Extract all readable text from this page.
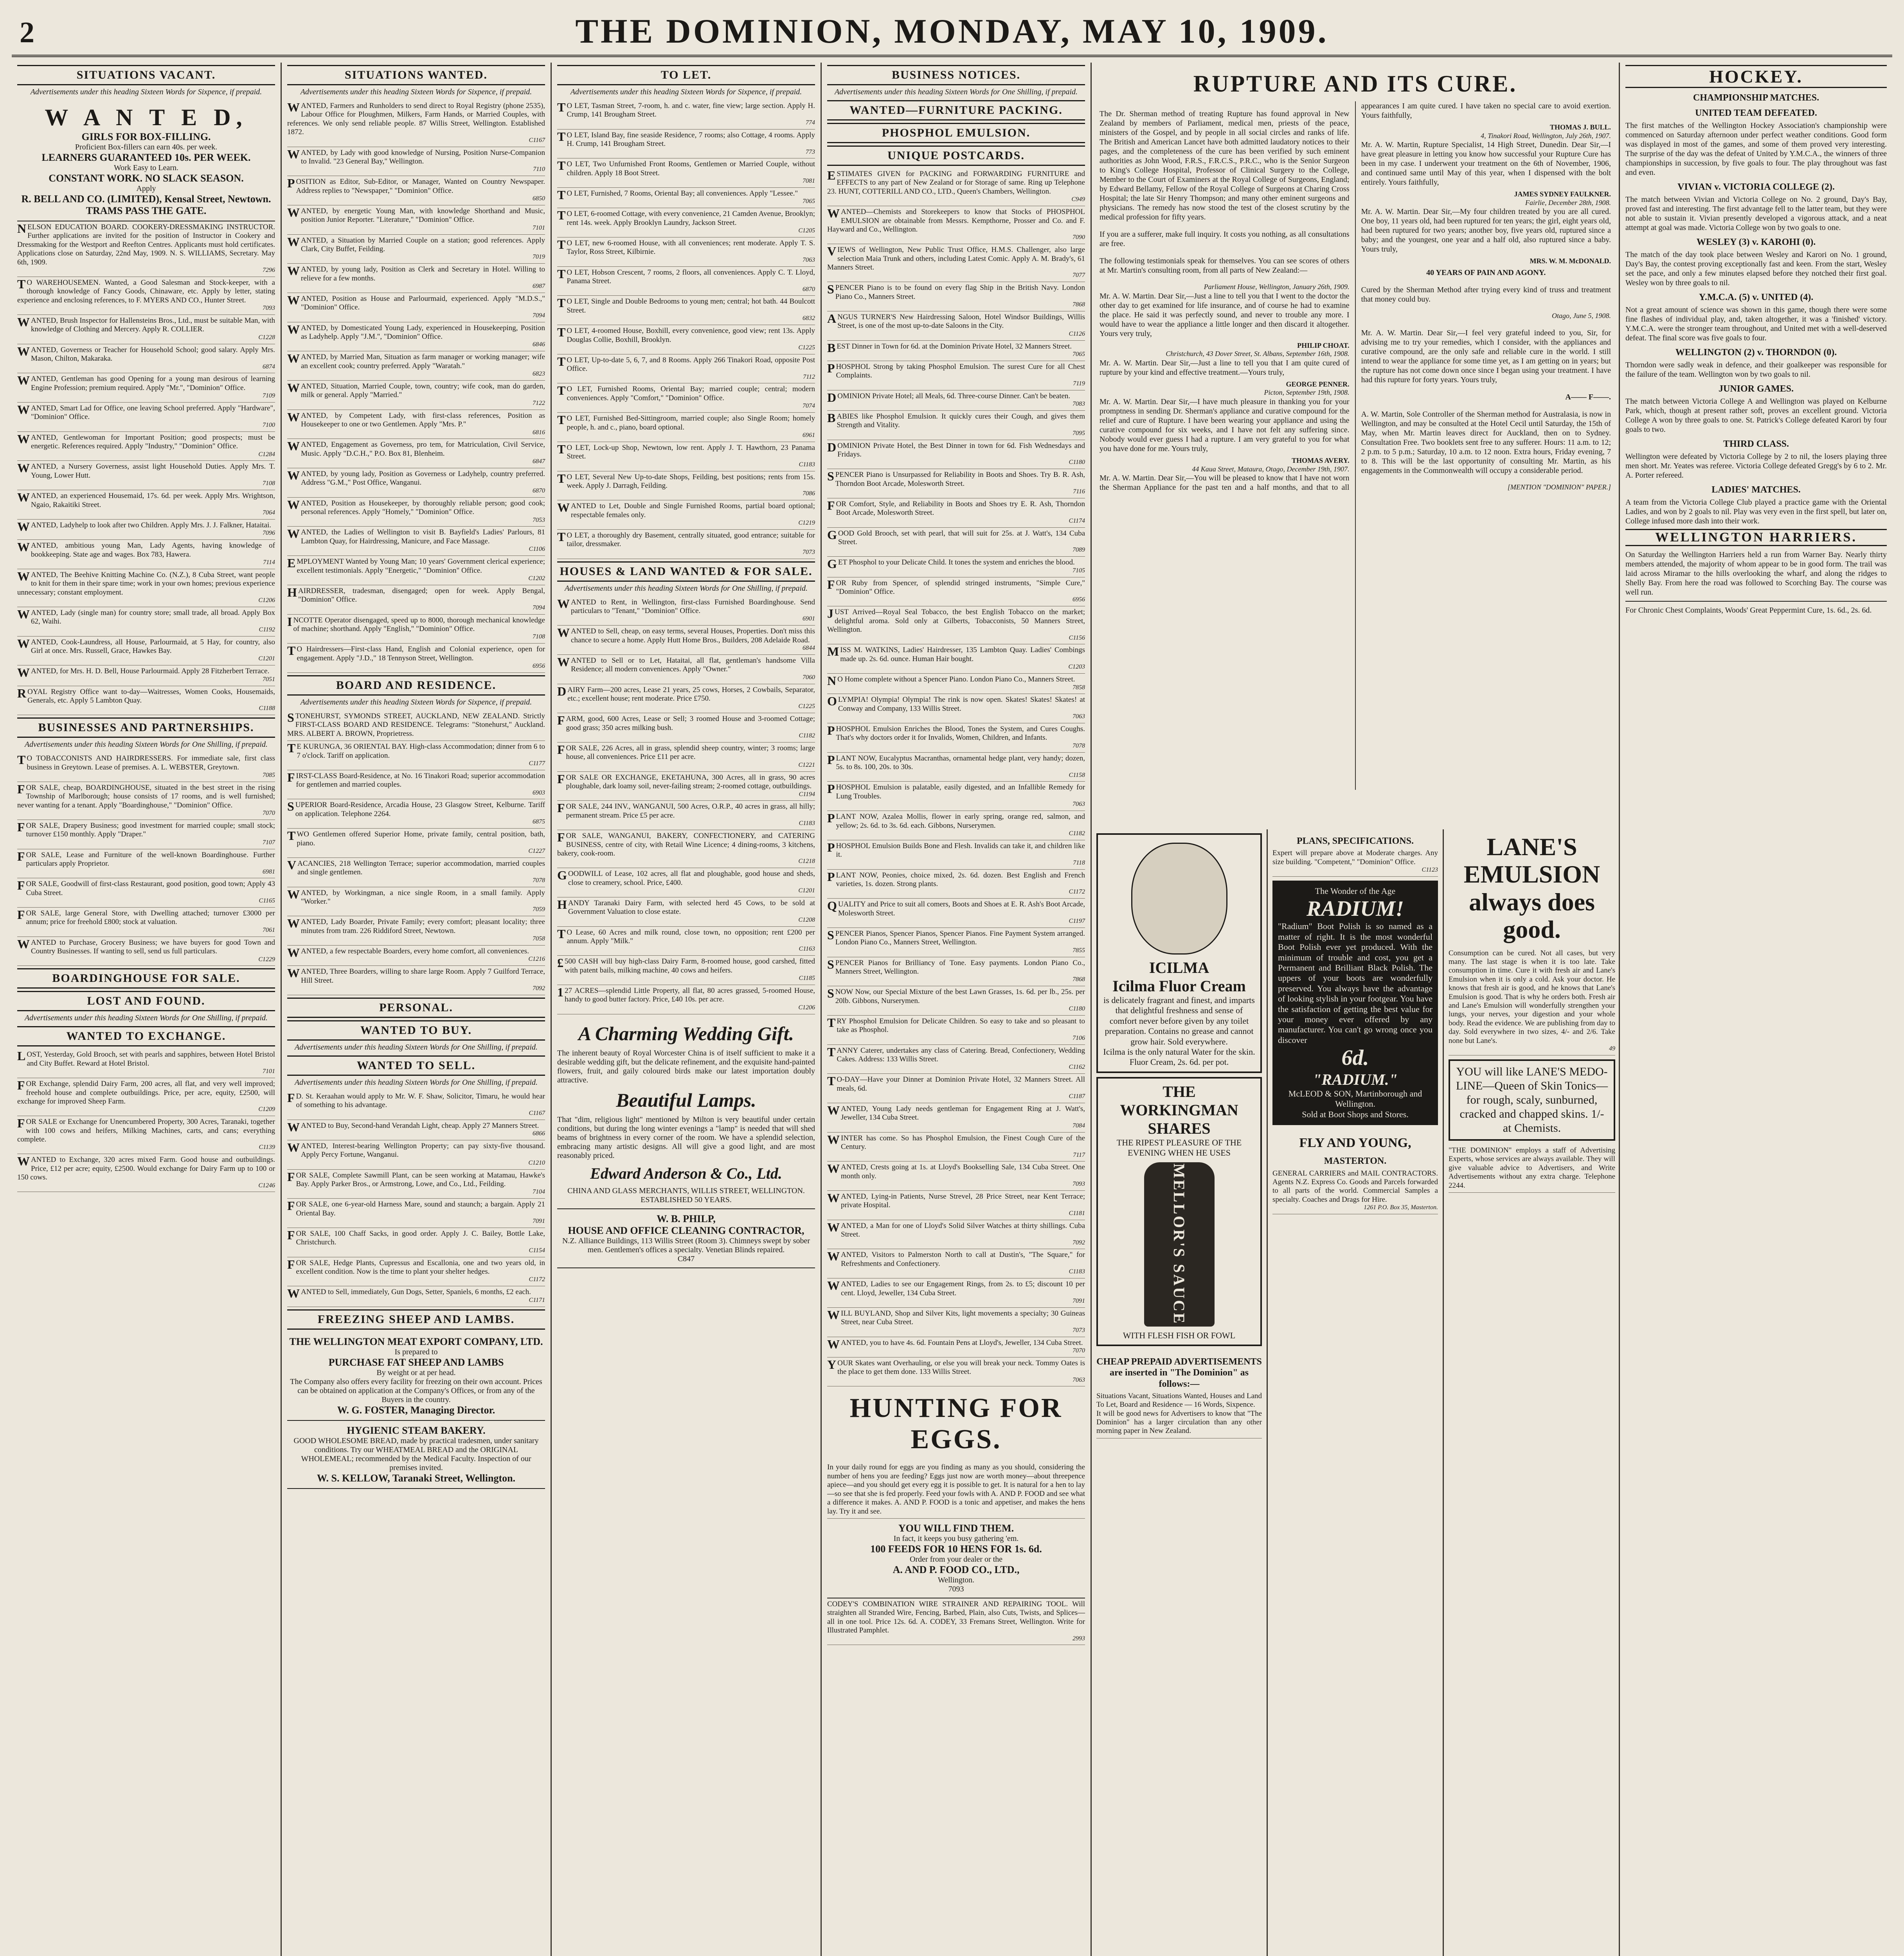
2	THE DOMINION, MONDAY, MAY 10, 1909.
SITUATIONS VACANT.
Advertisements under this heading Sixteen Words for Sixpence, if prepaid.
W A N T E D,
GIRLS FOR BOX-FILLING.
Proficient Box-fillers can earn 40s. per week.
LEARNERS GUARANTEED 10s. PER WEEK.
Work Easy to Learn.
CONSTANT WORK. NO SLACK SEASON.
Apply
R. BELL AND CO. (LIMITED), Kensal Street, Newtown.
TRAMS PASS THE GATE.
NELSON EDUCATION BOARD. COOKERY-DRESSMAKING INSTRUCTOR. Further applications are invited for the position of Instructor in Cookery and Dressmaking for the Westport and Reefton Centres. Applicants must hold certificates. Applications close on Saturday, 22nd May, 1909. N. S. WILLIAMS, Secretary. May 6th, 1909.
7296
T O WAREHOUSEMEN. Wanted, a Good Salesman and Stock-keeper, with a thorough knowledge of Fancy Goods, Chinaware, etc. Apply by letter, stating experience and enclosing references, to F. MYERS AND CO., Hunter Street.
7093
WANTED, Brush Inspector for Hallensteins Bros., Ltd., must be suitable Man, with knowledge of Clothing and Mercery. Apply R. COLLIER.
C1228
WANTED, Governess or Teacher for Household School; good salary. Apply Mrs. Mason, Chilton, Makaraka.
6874
WANTED, Gentleman has good Opening for a young man desirous of learning Engine Profession; premium required. Apply "Mr.", "Dominion" Office.
7109
WANTED, Smart Lad for Office, one leaving School preferred. Apply "Hardware", "Dominion" Office.
7100
WANTED, Gentlewoman for Important Position; good prospects; must be energetic. References required. Apply "Industry," "Dominion" Office.
C1284
WANTED, a Nursery Governess, assist light Household Duties. Apply Mrs. T. Young, Lower Hutt.
7108
WANTED, an experienced Housemaid, 17s. 6d. per week. Apply Mrs. Wrightson, Ngaio, Rakaitiki Street.
7064
WANTED, Ladyhelp to look after two Children. Apply Mrs. J. J. Falkner, Hataitai.
7096
WANTED, ambitious young Man, Lady Agents, having knowledge of bookkeeping. State age and wages. Box 783, Hawera.
7114
WANTED, The Beehive Knitting Machine Co. (N.Z.), 8 Cuba Street, want people to knit for them in their spare time; work in your own homes; previous experience unnecessary; constant employment.
C1206
WANTED, Lady (single man) for country store; small trade, all broad. Apply Box 62, Waihi.
C1192
WANTED, Cook-Laundress, all House, Parlourmaid, at 5 Hay, for country, also Girl at once. Mrs. Russell, Grace, Hawkes Bay.
C1201
WANTED, for Mrs. H. D. Bell, House Parlourmaid. Apply 28 Fitzherbert Terrace.
7051
ROYAL Registry Office want to-day—Waitresses, Women Cooks, Housemaids, Generals, etc. Apply 5 Lambton Quay.
C1188
BUSINESSES AND PARTNERSHIPS.
Advertisements under this heading Sixteen Words for One Shilling, if prepaid.
T O TOBACCONISTS AND HAIRDRESSERS. For immediate sale, first class business in Greytown. Lease of premises. A. L. WEBSTER, Greytown.
7085
FOR SALE, cheap, BOARDINGHOUSE, situated in the best street in the rising Township of Marlborough; house consists of 17 rooms, and is well furnished; never wanting for a tenant. Apply "Boardinghouse," "Dominion" Office.
7070
FOR SALE, Drapery Business; good investment for married couple; small stock; turnover £150 monthly. Apply "Draper."
7107
FOR SALE, Lease and Furniture of the well-known Boardinghouse. Further particulars apply Proprietor.
6981
FOR SALE, Goodwill of first-class Restaurant, good position, good town; Apply 43 Cuba Street.
C1165
FOR SALE, large General Store, with Dwelling attached; turnover £3000 per annum; price for freehold £800; stock at valuation.
7061
WANTED to Purchase, Grocery Business; we have buyers for good Town and Country Businesses. If wanting to sell, send us full particulars.
C1229
BOARDINGHOUSE FOR SALE.
LOST AND FOUND.
Advertisements under this heading Sixteen Words for One Shilling, if prepaid.
WANTED TO EXCHANGE.
LOST, Yesterday, Gold Brooch, set with pearls and sapphires, between Hotel Bristol and City Buffet. Reward at Hotel Bristol.
7101
FOR Exchange, splendid Dairy Farm, 200 acres, all flat, and very well improved; freehold house and complete outbuildings. Price, per acre, equity, £2500, will exchange for improved Sheep Farm.
C1209
FOR SALE or Exchange for Unencumbered Property, 300 Acres, Taranaki, together with 100 cows and heifers, Milking Machines, carts, and cans; everything complete.
C1139
WANTED to Exchange, 320 acres mixed Farm. Good house and outbuildings. Price, £12 per acre; equity, £2500. Would exchange for Dairy Farm up to 100 or 150 cows.
C1246
SITUATIONS WANTED.
Advertisements under this heading Sixteen Words for Sixpence, if prepaid.
WANTED, Farmers and Runholders to send direct to Royal Registry (phone 2535), Labour Office for Ploughmen, Milkers, Farm Hands, or Married Couples, with references. We only send reliable people. 87 Willis Street, Wellington. Established 1872.
C1167
WANTED, by Lady with good knowledge of Nursing, Position Nurse-Companion to Invalid. "23 General Bay," Wellington.
7110
POSITION as Editor, Sub-Editor, or Manager, Wanted on Country Newspaper. Address replies to "Newspaper," "Dominion" Office.
6850
WANTED, by energetic Young Man, with knowledge Shorthand and Music, position Junior Reporter. "Literature," "Dominion" Office.
7101
WANTED, a Situation by Married Couple on a station; good references. Apply Clark, City Buffet, Feilding.
7019
WANTED, by young lady, Position as Clerk and Secretary in Hotel. Willing to relieve for a few months.
6987
WANTED, Position as House and Parlourmaid, experienced. Apply "M.D.S.," "Dominion" Office.
7094
WANTED, by Domesticated Young Lady, experienced in Housekeeping, Position as Ladyhelp. Apply "J.M.", "Dominion" Office.
6846
WANTED, by Married Man, Situation as farm manager or working manager; wife an excellent cook; country preferred. Apply "Waratah."
6823
WANTED, Situation, Married Couple, town, country; wife cook, man do garden, milk or general. Apply "Married."
7122
WANTED, by Competent Lady, with first-class references, Position as Housekeeper to one or two Gentlemen. Apply "Mrs. P."
6816
WANTED, Engagement as Governess, pro tem, for Matriculation, Civil Service, Music. Apply "D.C.H.," P.O. Box 81, Blenheim.
6847
WANTED, by young lady, Position as Governess or Ladyhelp, country preferred. Address "G.M.," Post Office, Wanganui.
6870
WANTED, Position as Housekeeper, by thoroughly reliable person; good cook; personal references. Apply "Homely," "Dominion" Office.
7053
WANTED, the Ladies of Wellington to visit B. Bayfield's Ladies' Parlours, 81 Lambton Quay, for Hairdressing, Manicure, and Face Massage.
C1106
EMPLOYMENT Wanted by Young Man; 10 years' Government clerical experience; excellent testimonials. Apply "Energetic," "Dominion" Office.
C1202
HAIRDRESSER, tradesman, disengaged; open for week. Apply Bengal, "Dominion" Office.
7094
INCOTTE Operator disengaged, speed up to 8000, thorough mechanical knowledge of machine; shorthand. Apply "English," "Dominion" Office.
7108
T O Hairdressers—First-class Hand, English and Colonial experience, open for engagement. Apply "J.D.," 18 Tennyson Street, Wellington.
6956
BOARD AND RESIDENCE.
Advertisements under this heading Sixteen Words for Sixpence, if prepaid.
STONEHURST, SYMONDS STREET, AUCKLAND, NEW ZEALAND. Strictly FIRST-CLASS BOARD AND RESIDENCE. Telegrams: "Stonehurst," Auckland. MRS. ALBERT A. BROWN, Proprietress.
T E KURUNGA, 36 ORIENTAL BAY. High-class Accommodation; dinner from 6 to 7 o'clock. Tariff on application.
C1177
FIRST-CLASS Board-Residence, at No. 16 Tinakori Road; superior accommodation for gentlemen and married couples.
6903
SUPERIOR Board-Residence, Arcadia House, 23 Glasgow Street, Kelburne. Tariff on application. Telephone 2264.
6875
TWO Gentlemen offered Superior Home, private family, central position, bath, piano.
C1227
VACANCIES, 218 Wellington Terrace; superior accommodation, married couples and single gentlemen.
7078
WANTED, by Workingman, a nice single Room, in a small family. Apply "Worker."
7059
WANTED, Lady Boarder, Private Family; every comfort; pleasant locality; three minutes from tram. 226 Riddiford Street, Newtown.
7058
WANTED, a few respectable Boarders, every home comfort, all conveniences.
C1216
WANTED, Three Boarders, willing to share large Room. Apply 7 Guilford Terrace, Hill Street.
7092
PERSONAL.
WANTED TO BUY.
Advertisements under this heading Sixteen Words for One Shilling, if prepaid.
WANTED TO SELL.
Advertisements under this heading Sixteen Words for One Shilling, if prepaid.
F D. St. Keraahan would apply to Mr. W. F. Shaw, Solicitor, Timaru, he would hear of something to his advantage.
C1167
WANTED to Buy, Second-hand Verandah Light, cheap. Apply 27 Manners Street.
6866
WANTED, Interest-bearing Wellington Property; can pay sixty-five thousand. Apply Percy Fortune, Wanganui.
C1210
FOR SALE, Complete Sawmill Plant, can be seen working at Matamau, Hawke's Bay. Apply Parker Bros., or Armstrong, Lowe, and Co., Ltd., Feilding.
7104
FOR SALE, one 6-year-old Harness Mare, sound and staunch; a bargain. Apply 21 Oriental Bay.
7091
FOR SALE, 100 Chaff Sacks, in good order. Apply J. C. Bailey, Bottle Lake, Christchurch.
C1154
FOR SALE, Hedge Plants, Cupressus and Escallonia, one and two years old, in excellent condition. Now is the time to plant your shelter hedges.
C1172
WANTED to Sell, immediately, Gun Dogs, Setter, Spaniels, 6 months, £2 each.
C1171
FREEZING SHEEP AND LAMBS.
THE WELLINGTON MEAT EXPORT COMPANY, LTD.
Is prepared to
PURCHASE FAT SHEEP AND LAMBS
By weight or at per head.
The Company also offers every facility for freezing on their own account. Prices can be obtained on application at the Company's Offices, or from any of the Buyers in the country.
W. G. FOSTER, Managing Director.
HYGIENIC STEAM BAKERY.
GOOD WHOLESOME BREAD, made by practical tradesmen, under sanitary conditions. Try our WHEATMEAL BREAD and the ORIGINAL WHOLEMEAL; recommended by the Medical Faculty. Inspection of our premises invited.
W. S. KELLOW, Taranaki Street, Wellington.
TO LET.
Advertisements under this heading Sixteen Words for Sixpence, if prepaid.
T O LET, Tasman Street, 7-room, h. and c. water, fine view; large section. Apply H. Crump, 141 Brougham Street.
774
T O LET, Island Bay, fine seaside Residence, 7 rooms; also Cottage, 4 rooms. Apply H. Crump, 141 Brougham Street.
773
T O LET, Two Unfurnished Front Rooms, Gentlemen or Married Couple, without children. Apply 18 Boot Street.
7081
T O LET, Furnished, 7 Rooms, Oriental Bay; all conveniences. Apply "Lessee."
7065
T O LET, 6-roomed Cottage, with every convenience, 21 Camden Avenue, Brooklyn; rent 14s. week. Apply Brooklyn Laundry, Jackson Street.
C1205
T O LET, new 6-roomed House, with all conveniences; rent moderate. Apply T. S. Taylor, Ross Street, Kilbirnie.
7063
T O LET, Hobson Crescent, 7 rooms, 2 floors, all conveniences. Apply C. T. Lloyd, Panama Street.
6870
T O LET, Single and Double Bedrooms to young men; central; hot bath. 44 Boulcott Street.
6832
T O LET, 4-roomed House, Boxhill, every convenience, good view; rent 13s. Apply Douglas Collie, Boxhill, Brooklyn.
C1225
T O LET, Up-to-date 5, 6, 7, and 8 Rooms. Apply 266 Tinakori Road, opposite Post Office.
7112
T O LET, Furnished Rooms, Oriental Bay; married couple; central; modern conveniences. Apply "Comfort," "Dominion" Office.
7074
T O LET, Furnished Bed-Sittingroom, married couple; also Single Room; homely people, h. and c., piano, board optional.
6961
T O LET, Lock-up Shop, Newtown, low rent. Apply J. T. Hawthorn, 23 Panama Street.
C1183
T O LET, Several New Up-to-date Shops, Feilding, best positions; rents from 15s. week. Apply J. Darragh, Feilding.
7086
WANTED to Let, Double and Single Furnished Rooms, partial board optional; respectable females only.
C1219
T O LET, a thoroughly dry Basement, centrally situated, good entrance; suitable for tailor, dressmaker.
7073
HOUSES & LAND WANTED & FOR SALE.
Advertisements under this heading Sixteen Words for One Shilling, if prepaid.
WANTED to Rent, in Wellington, first-class Furnished Boardinghouse. Send particulars to "Tenant," "Dominion" Office.
6901
WANTED to Sell, cheap, on easy terms, several Houses, Properties. Don't miss this chance to secure a home. Apply Hutt Home Bros., Builders, 208 Adelaide Road.
6844
WANTED to Sell or to Let, Hataitai, all flat, gentleman's handsome Villa Residence; all modern conveniences. Apply "Owner."
7060
DAIRY Farm—200 acres, Lease 21 years, 25 cows, Horses, 2 Cowbails, Separator, etc.; excellent house; rent moderate. Price £750.
C1225
FARM, good, 600 Acres, Lease or Sell; 3 roomed House and 3-roomed Cottage; good grass; 350 acres milking bush.
C1182
FOR SALE, 226 Acres, all in grass, splendid sheep country, winter; 3 rooms; large house, all conveniences. Price £11 per acre.
C1221
FOR SALE OR EXCHANGE, EKETAHUNA, 300 Acres, all in grass, 90 acres ploughable, dark loamy soil, never-failing stream; 2-roomed cottage, outbuildings.
C1194
FOR SALE, 244 INV., WANGANUI, 500 Acres, O.R.P., 40 acres in grass, all hilly; permanent stream. Price £5 per acre.
C1183
FOR SALE, WANGANUI, BAKERY, CONFECTIONERY, and CATERING BUSINESS, centre of city, with Retail Wine Licence; 4 dining-rooms, 3 kitchens, bakery, cook-room.
C1218
GOODWILL of Lease, 102 acres, all flat and ploughable, good house and sheds, close to creamery, school. Price, £400.
C1201
HANDY Taranaki Dairy Farm, with selected herd 45 Cows, to be sold at Government Valuation to close estate.
C1208
T O Lease, 60 Acres and milk round, close town, no opposition; rent £200 per annum. Apply "Milk."
C1163
£ 500 CASH will buy high-class Dairy Farm, 8-roomed house, good carshed, fitted with patent bails, milking machine, 40 cows and heifers.
C1185
1 27 ACRES—splendid Little Property, all flat, 80 acres grassed, 5-roomed House, handy to good butter factory. Price, £40 10s. per acre.
C1206
A Charming Wedding Gift.
The inherent beauty of Royal Worcester China is of itself sufficient to make it a desirable wedding gift, but the delicate refinement, and the exquisite hand-painted flowers, fruit, and gaily coloured birds make our latest importation doubly attractive.
Beautiful Lamps.
That "dim, religious light" mentioned by Milton is very beautiful under certain conditions, but during the long winter evenings a "lamp" is needed that will shed beams of brightness in every corner of the room. We have a splendid selection, embracing many artistic designs. All will give a good light, and are most reasonably priced.
Edward Anderson & Co., Ltd.
CHINA AND GLASS MERCHANTS, WILLIS STREET, WELLINGTON.
ESTABLISHED 50 YEARS.
W. B. PHILP,
HOUSE AND OFFICE CLEANING CONTRACTOR,
N.Z. Alliance Buildings, 113 Willis Street (Room 3). Chimneys swept by sober men. Gentlemen's offices a specialty. Venetian Blinds repaired.
C847
BUSINESS NOTICES.
Advertisements under this heading Sixteen Words for One Shilling, if prepaid.
WANTED—FURNITURE PACKING.
PHOSPHOL EMULSION.
UNIQUE POSTCARDS.
ESTIMATES GIVEN for PACKING and FORWARDING FURNITURE and EFFECTS to any part of New Zealand or for Storage of same. Ring up Telephone 23. HUNT, COTTERILL AND CO., LTD., Queen's Chambers, Wellington.
C949
WANTED—Chemists and Storekeepers to know that Stocks of PHOSPHOL EMULSION are obtainable from Messrs. Kempthorne, Prosser and Co. and F. Hayward and Co., Wellington.
7090
VIEWS of Wellington, New Public Trust Office, H.M.S. Challenger, also large selection Maia Trunk and others, including Latest Comic. Apply A. M. Brady's, 61 Manners Street.
7077
SPENCER Piano is to be found on every flag Ship in the British Navy. London Piano Co., Manners Street.
7868
ANGUS TURNER'S New Hairdressing Saloon, Hotel Windsor Buildings, Willis Street, is one of the most up-to-date Saloons in the City.
C1126
BEST Dinner in Town for 6d. at the Dominion Private Hotel, 32 Manners Street.
7065
PHOSPHOL Strong by taking Phosphol Emulsion. The surest Cure for all Chest Complaints.
7119
DOMINION Private Hotel; all Meals, 6d. Three-course Dinner. Can't be beaten.
7083
BABIES like Phosphol Emulsion. It quickly cures their Cough, and gives them Strength and Vitality.
7095
DOMINION Private Hotel, the Best Dinner in town for 6d. Fish Wednesdays and Fridays.
C1180
SPENCER Piano is Unsurpassed for Reliability in Boots and Shoes. Try B. R. Ash, Thorndon Boot Arcade, Molesworth Street.
7116
FOR Comfort, Style, and Reliability in Boots and Shoes try E. R. Ash, Thorndon Boot Arcade, Molesworth Street.
C1174
GOOD Gold Brooch, set with pearl, that will suit for 25s. at J. Watt's, 134 Cuba Street.
7089
GET Phosphol to your Delicate Child. It tones the system and enriches the blood.
7105
FOR Ruby from Spencer, of splendid stringed instruments, "Simple Cure," "Dominion" Office.
6956
JUST Arrived—Royal Seal Tobacco, the best English Tobacco on the market; delightful aroma. Sold only at Gilberts, Tobacconists, 50 Manners Street, Wellington.
C1156
MISS M. WATKINS, Ladies' Hairdresser, 135 Lambton Quay. Ladies' Combings made up. 2s. 6d. ounce. Human Hair bought.
C1203
N O Home complete without a Spencer Piano. London Piano Co., Manners Street.
7858
OLYMPIA! Olympia! Olympia! The rink is now open. Skates! Skates! Skates! at Conway and Company, 133 Willis Street.
7063
PHOSPHOL Emulsion Enriches the Blood, Tones the System, and Cures Coughs. That's why doctors order it for Invalids, Women, Children, and Infants.
7078
PLANT NOW, Eucalyptus Macranthas, ornamental hedge plant, very handy; dozen, 5s. to 8s. 100, 20s. to 30s.
C1158
PHOSPHOL Emulsion is palatable, easily digested, and an Infallible Remedy for Lung Troubles.
7063
PLANT NOW, Azalea Mollis, flower in early spring, orange red, salmon, and yellow; 2s. 6d. to 3s. 6d. each. Gibbons, Nurserymen.
C1182
PHOSPHOL Emulsion Builds Bone and Flesh. Invalids can take it, and children like it.
7118
PLANT NOW, Peonies, choice mixed, 2s. 6d. dozen. Best English and French varieties, 1s. dozen. Strong plants.
C1172
QUALITY and Price to suit all comers, Boots and Shoes at E. R. Ash's Boot Arcade, Molesworth Street.
C1197
SPENCER Pianos, Spencer Pianos, Spencer Pianos. Fine Payment System arranged. London Piano Co., Manners Street, Wellington.
7855
SPENCER Pianos for Brilliancy of Tone. Easy payments. London Piano Co., Manners Street, Wellington.
7868
SNOW Now, our Special Mixture of the best Lawn Grasses, 1s. 6d. per lb., 25s. per 20lb. Gibbons, Nurserymen.
C1180
TRY Phosphol Emulsion for Delicate Children. So easy to take and so pleasant to take as Phosphol.
7106
TANNY Caterer, undertakes any class of Catering. Bread, Confectionery, Wedding Cakes. Address: 133 Willis Street.
C1162
T O-DAY—Have your Dinner at Dominion Private Hotel, 32 Manners Street. All meals, 6d.
C1187
WANTED, Young Lady needs gentleman for Engagement Ring at J. Watt's, Jeweller, 134 Cuba Street.
7084
WINTER has come. So has Phosphol Emulsion, the Finest Cough Cure of the Century.
7117
WANTED, Crests going at 1s. at Lloyd's Bookselling Sale, 134 Cuba Street. One month only.
7093
WANTED, Lying-in Patients, Nurse Strevel, 28 Price Street, near Kent Terrace; private Hospital.
C1181
WANTED, a Man for one of Lloyd's Solid Silver Watches at thirty shillings. Cuba Street.
7092
WANTED, Visitors to Palmerston North to call at Dustin's, "The Square," for Refreshments and Confectionery.
C1183
WANTED, Ladies to see our Engagement Rings, from 2s. to £5; discount 10 per cent. Lloyd, Jeweller, 134 Cuba Street.
7091
WILL BUYLAND, Shop and Silver Kits, light movements a specialty; 30 Guineas Street, near Cuba Street.
7073
WANTED, you to have 4s. 6d. Fountain Pens at Lloyd's, Jeweller, 134 Cuba Street.
7070
YOUR Skates want Overhauling, or else you will break your neck. Tommy Oates is the place to get them done. 133 Willis Street.
7063
HUNTING FOR EGGS.
In your daily round for eggs are you finding as many as you should, considering the number of hens you are feeding? Eggs just now are worth money—about threepence apiece—and you should get every egg it is possible to get. It is natural for a hen to lay—so see that she is fed properly. Feed your fowls with A. AND P. FOOD and see what a difference it makes. A. AND P. FOOD is a tonic and appetiser, and makes the hens lay. Try it and see.
YOU WILL FIND THEM.
In fact, it keeps you busy gathering 'em.
100 FEEDS FOR 10 HENS FOR 1s. 6d.
Order from your dealer or the
A. AND P. FOOD CO., LTD.,
Wellington.
7093
CODEY'S COMBINATION WIRE STRAINER AND REPAIRING TOOL. Will straighten all Stranded Wire, Fencing, Barbed, Plain, also Cuts, Twists, and Splices—all in one tool. Price 12s. 6d. A. CODEY, 33 Fremans Street, Wellington. Write for Illustrated Pamphlet.
2993
RUPTURE AND ITS CURE.

The Dr. Sherman method of treating Rupture has found approval in New Zealand by members of Parliament, medical men, priests of the peace, ministers of the Gospel, and by people in all social circles and ranks of life. The British and American Lancet have both admitted laudatory notices to their pages, and the completeness of the cure has been verified by such eminent authorities as John Wood, F.R.S., F.R.C.S., P.R.C., who is the Senior Surgeon to King's College Hospital, Professor of Clinical Surgery to the College, Member to the Court of Examiners at the Royal College of Surgeons, England; by Edward Bellamy, Fellow of the Royal College of Surgeons at Charing Cross Hospital; the late Sir Henry Thompson; and many other eminent surgeons and physicians. The remedy has now stood the test of the closest scrutiny by the medical profession for fifty years.

If you are a sufferer, make full inquiry. It costs you nothing, as all consultations are free.

The following testimonials speak for themselves. You can see scores of others at Mr. Martin's consulting room, from all parts of New Zealand:—

Parliament House, Wellington, January 26th, 1909.

Mr. A. W. Martin. Dear Sir,—Just a line to tell you that I went to the doctor the other day to get examined for life insurance, and of course he had to examine the place. He said it was perfectly sound, and never to trouble any more. I would have to wear the appliance a little longer and then discard it altogether. Yours very truly,

PHILIP CHOAT.
Christchurch, 43 Dover Street, St. Albans, September 16th, 1908.

Mr. A. W. Martin. Dear Sir,—Just a line to tell you that I am quite cured of rupture by your kind and effective treatment.—Yours truly,

GEORGE PENNER.
Picton, September 19th, 1908.

Mr. A. W. Martin. Dear Sir,—I have much pleasure in thanking you for your promptness in sending Dr. Sherman's appliance and curative compound for the relief and cure of Rupture. I have been wearing your appliance and using the curative compound for six weeks, and I have not felt any suffering since. Nobody would ever guess I had a rupture. I am very grateful to you for what you have done for me. Yours truly,

THOMAS AVERY.
44 Kaua Street, Mataura, Otago, December 19th, 1907.

Mr. A. W. Martin. Dear Sir,—You will be pleased to know that I have not worn the Sherman Appliance for the past ten and a half months, and that to all appearances I am quite cured. I have taken no special care to avoid exertion. Yours faithfully,

THOMAS J. BULL.
4, Tinakori Road, Wellington, July 26th, 1907.

Mr. A. W. Martin, Rupture Specialist, 14 High Street, Dunedin. Dear Sir,—I have great pleasure in letting you know how successful your Rupture Cure has been in my case. I underwent your treatment on the 6th of November, 1906, and continued same until May of this year, when I dispensed with the bolt entirely. Yours faithfully,

JAMES SYDNEY FAULKNER.
Fairlie, December 28th, 1908.

Mr. A. W. Martin. Dear Sir,—My four children treated by you are all cured. One boy, 11 years old, had been ruptured for ten years; the girl, eight years old, had been ruptured for two years; another boy, five years old, ruptured since a baby; and the youngest, one year and a half old, also ruptured since a baby. Yours truly,

MRS. W. M. McDONALD.
40 YEARS OF PAIN AND AGONY.

Cured by the Sherman Method after trying every kind of truss and treatment that money could buy.

Otago, June 5, 1908.

Mr. A. W. Martin. Dear Sir,—I feel very grateful indeed to you, Sir, for advising me to try your remedies, which I consider, with the appliances and curative compound, are the only safe and reliable cure in the world. I still intend to wear the appliance for some time yet, as I am getting on in years; but the rupture has not come down once since I began using your treatment. I have had this rupture for forty years. Yours truly,

A—— F——.

A. W. Martin, Sole Controller of the Sherman method for Australasia, is now in Wellington, and may be consulted at the Hotel Cecil until Saturday, the 15th of May, when Mr. Martin leaves direct for Auckland, then on to Sydney. Consultation Free. Two booklets sent free to any sufferer. Hours: 11 a.m. to 12; 2 p.m. to 5 p.m.; Saturday, 10 a.m. to 12 noon. Extra hours, Friday evening, 7 to 8. This will be the last opportunity of consulting Mr. Martin, as his engagements in the Commonwealth will occupy a considerable period.

[MENTION "DOMINION" PAPER.]
ICILMA
Icilma Fluor Cream
is delicately fragrant and finest, and imparts that delightful freshness and sense of comfort never before given by any toilet preparation. Contains no grease and cannot grow hair. Sold everywhere.
Icilma is the only natural Water for the skin.
Fluor Cream, 2s. 6d. per pot.
THE WORKINGMAN SHARES
THE RIPEST PLEASURE OF THE EVENING WHEN HE USES
MELLOR'S SAUCE
WITH FLESH FISH OR FOWL
CHEAP PREPAID ADVERTISEMENTS are inserted in "The Dominion" as follows:—
Situations Vacant, Situations Wanted, Houses and Land To Let, Board and Residence — 16 Words, Sixpence.
It will be good news for Advertisers to know that "The Dominion" has a larger circulation than any other morning paper in New Zealand.
PLANS, SPECIFICATIONS.
Expert will prepare above at Moderate charges. Any size building. "Competent," "Dominion" Office.
C1123
The Wonder of the Age
RADIUM!
"Radium" Boot Polish is so named as a matter of right. It is the most wonderful Boot Polish ever yet produced. With the minimum of trouble and cost, you get a Permanent and Brilliant Black Polish. The uppers of your boots are wonderfully preserved. You always have the advantage of looking stylish in your footgear. You have the satisfaction of getting the best value for your money ever offered by any manufacturer. You can't go wrong once you discover
6d.
"RADIUM."
McLEOD & SON, Martinborough and Wellington.
Sold at Boot Shops and Stores.
FLY AND YOUNG,
MASTERTON.
GENERAL CARRIERS and MAIL CONTRACTORS. Agents N.Z. Express Co. Goods and Parcels forwarded to all parts of the world. Commercial Samples a specialty. Coaches and Drags for Hire.
1261 P.O. Box 35, Masterton.
LANE'S EMULSION always does good.
Consumption can be cured. Not all cases, but very many. The last stage is when it is too late. Take consumption in time. Cure it with fresh air and Lane's Emulsion when it is only a cold. Ask your doctor. He knows that fresh air is good, and he knows that Lane's Emulsion is good. That is why he orders both. Fresh air and Lane's Emulsion will wonderfully strengthen your lungs, your nerves, your digestion and your whole body. Read the evidence. We are publishing from day to day. Sold everywhere in two sizes, 4/- and 2/6. Take none but Lane's.
49
YOU will like LANE'S MEDO-LINE—Queen of Skin Tonics—for rough, scaly, sunburned, cracked and chapped skins. 1/- at Chemists.
"THE DOMINION" employs a staff of Advertising Experts, whose services are always available. They will give valuable advice to Advertisers, and Write Advertisements without any extra charge. Telephone 2244.
HOCKEY.
CHAMPIONSHIP MATCHES.
UNITED TEAM DEFEATED.

The first matches of the Wellington Hockey Association's championship were commenced on Saturday afternoon under perfect weather conditions. Good form was displayed in most of the games, and some of them proved very interesting. The surprise of the day was the defeat of United by Y.M.C.A., the winners of three championships in succession, by five goals to four. The play throughout was fast and even.

VIVIAN v. VICTORIA COLLEGE (2).

The match between Vivian and Victoria College on No. 2 ground, Day's Bay, proved fast and interesting. The first advantage fell to the latter team, but they were not able to sustain it. Vivian presently developed a vigorous attack, and a neat attempt at goal was made. Victoria College won by two goals to one.

WESLEY (3) v. KAROHI (0).

The match of the day took place between Wesley and Karori on No. 1 ground, Day's Bay, the contest proving exceptionally fast and keen. From the start, Wesley set the pace, and only a few minutes elapsed before they notched their first goal. Wesley won by three goals to nil.

Y.M.C.A. (5) v. UNITED (4).

Not a great amount of science was shown in this game, though there were some fine flashes of individual play, and, taken altogether, it was a 'finished' victory. Y.M.C.A. were the stronger team throughout, and United met with a well-deserved defeat. The final score was five goals to four.

WELLINGTON (2) v. THORNDON (0).

Thorndon were sadly weak in defence, and their goalkeeper was responsible for the failure of the team. Wellington won by two goals to nil.

JUNIOR GAMES.

The match between Victoria College A and Wellington was played on Kelburne Park, which, though at present rather soft, proves an excellent ground. Victoria College A won by three goals to one. St. Patrick's College defeated Karori by four goals to two.

THIRD CLASS.

Wellington were defeated by Victoria College by 2 to nil, the losers playing three men short. Mr. Yeates was referee. Victoria College defeated Gregg's by 6 to 2. Mr. A. Porter refereed.

LADIES' MATCHES.

A team from the Victoria College Club played a practice game with the Oriental Ladies, and won by 2 goals to nil. Play was very even in the first spell, but later on, College infused more dash into their work.

WELLINGTON HARRIERS.

On Saturday the Wellington Harriers held a run from Warner Bay. Nearly thirty members attended, the majority of whom appear to be in good form. The trail was laid across Miramar to the hills overlooking the wharf, and along the ridges to Shelly Bay. From here the road was followed to Scorching Bay. The course was well run.

For Chronic Chest Complaints, Woods' Great Peppermint Cure, 1s. 6d., 2s. 6d.
